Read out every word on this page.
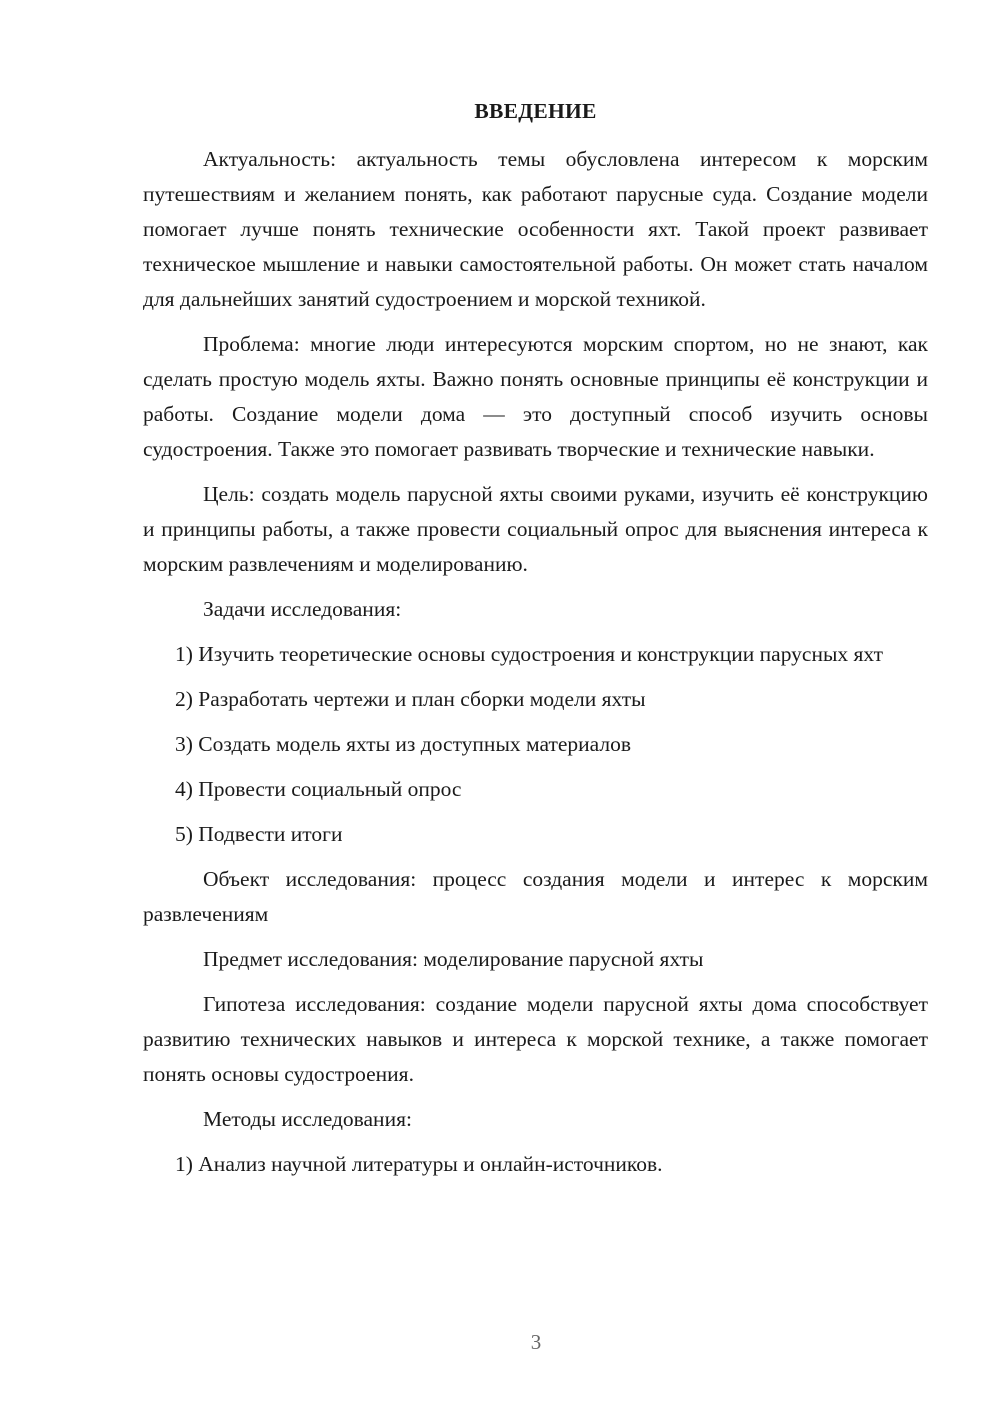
ВВЕДЕНИЕ

Актуальность: актуальность темы обусловлена интересом к морским путешествиям и желанием понять, как работают парусные суда. Создание модели помогает лучше понять технические особенности яхт. Такой проект развивает техническое мышление и навыки самостоятельной работы. Он может стать началом для дальнейших занятий судостроением и морской техникой.

Проблема: многие люди интересуются морским спортом, но не знают, как сделать простую модель яхты. Важно понять основные принципы её конструкции и работы. Создание модели дома — это доступный способ изучить основы судостроения. Также это помогает развивать творческие и технические навыки.

Цель: создать модель парусной яхты своими руками, изучить её конструкцию и принципы работы, а также провести социальный опрос для выяснения интереса к морским развлечениям и моделированию.

Задачи исследования:

1) Изучить теоретические основы судостроения и конструкции парусных яхт

2) Разработать чертежи и план сборки модели яхты

3) Создать модель яхты из доступных материалов

4) Провести социальный опрос

5) Подвести итоги

Объект исследования: процесс создания модели и интерес к морским развлечениям

Предмет исследования: моделирование парусной яхты

Гипотеза исследования: создание модели парусной яхты дома способствует развитию технических навыков и интереса к морской технике, а также помогает понять основы судостроения.

Методы исследования:

1) Анализ научной литературы и онлайн-источников.

3
